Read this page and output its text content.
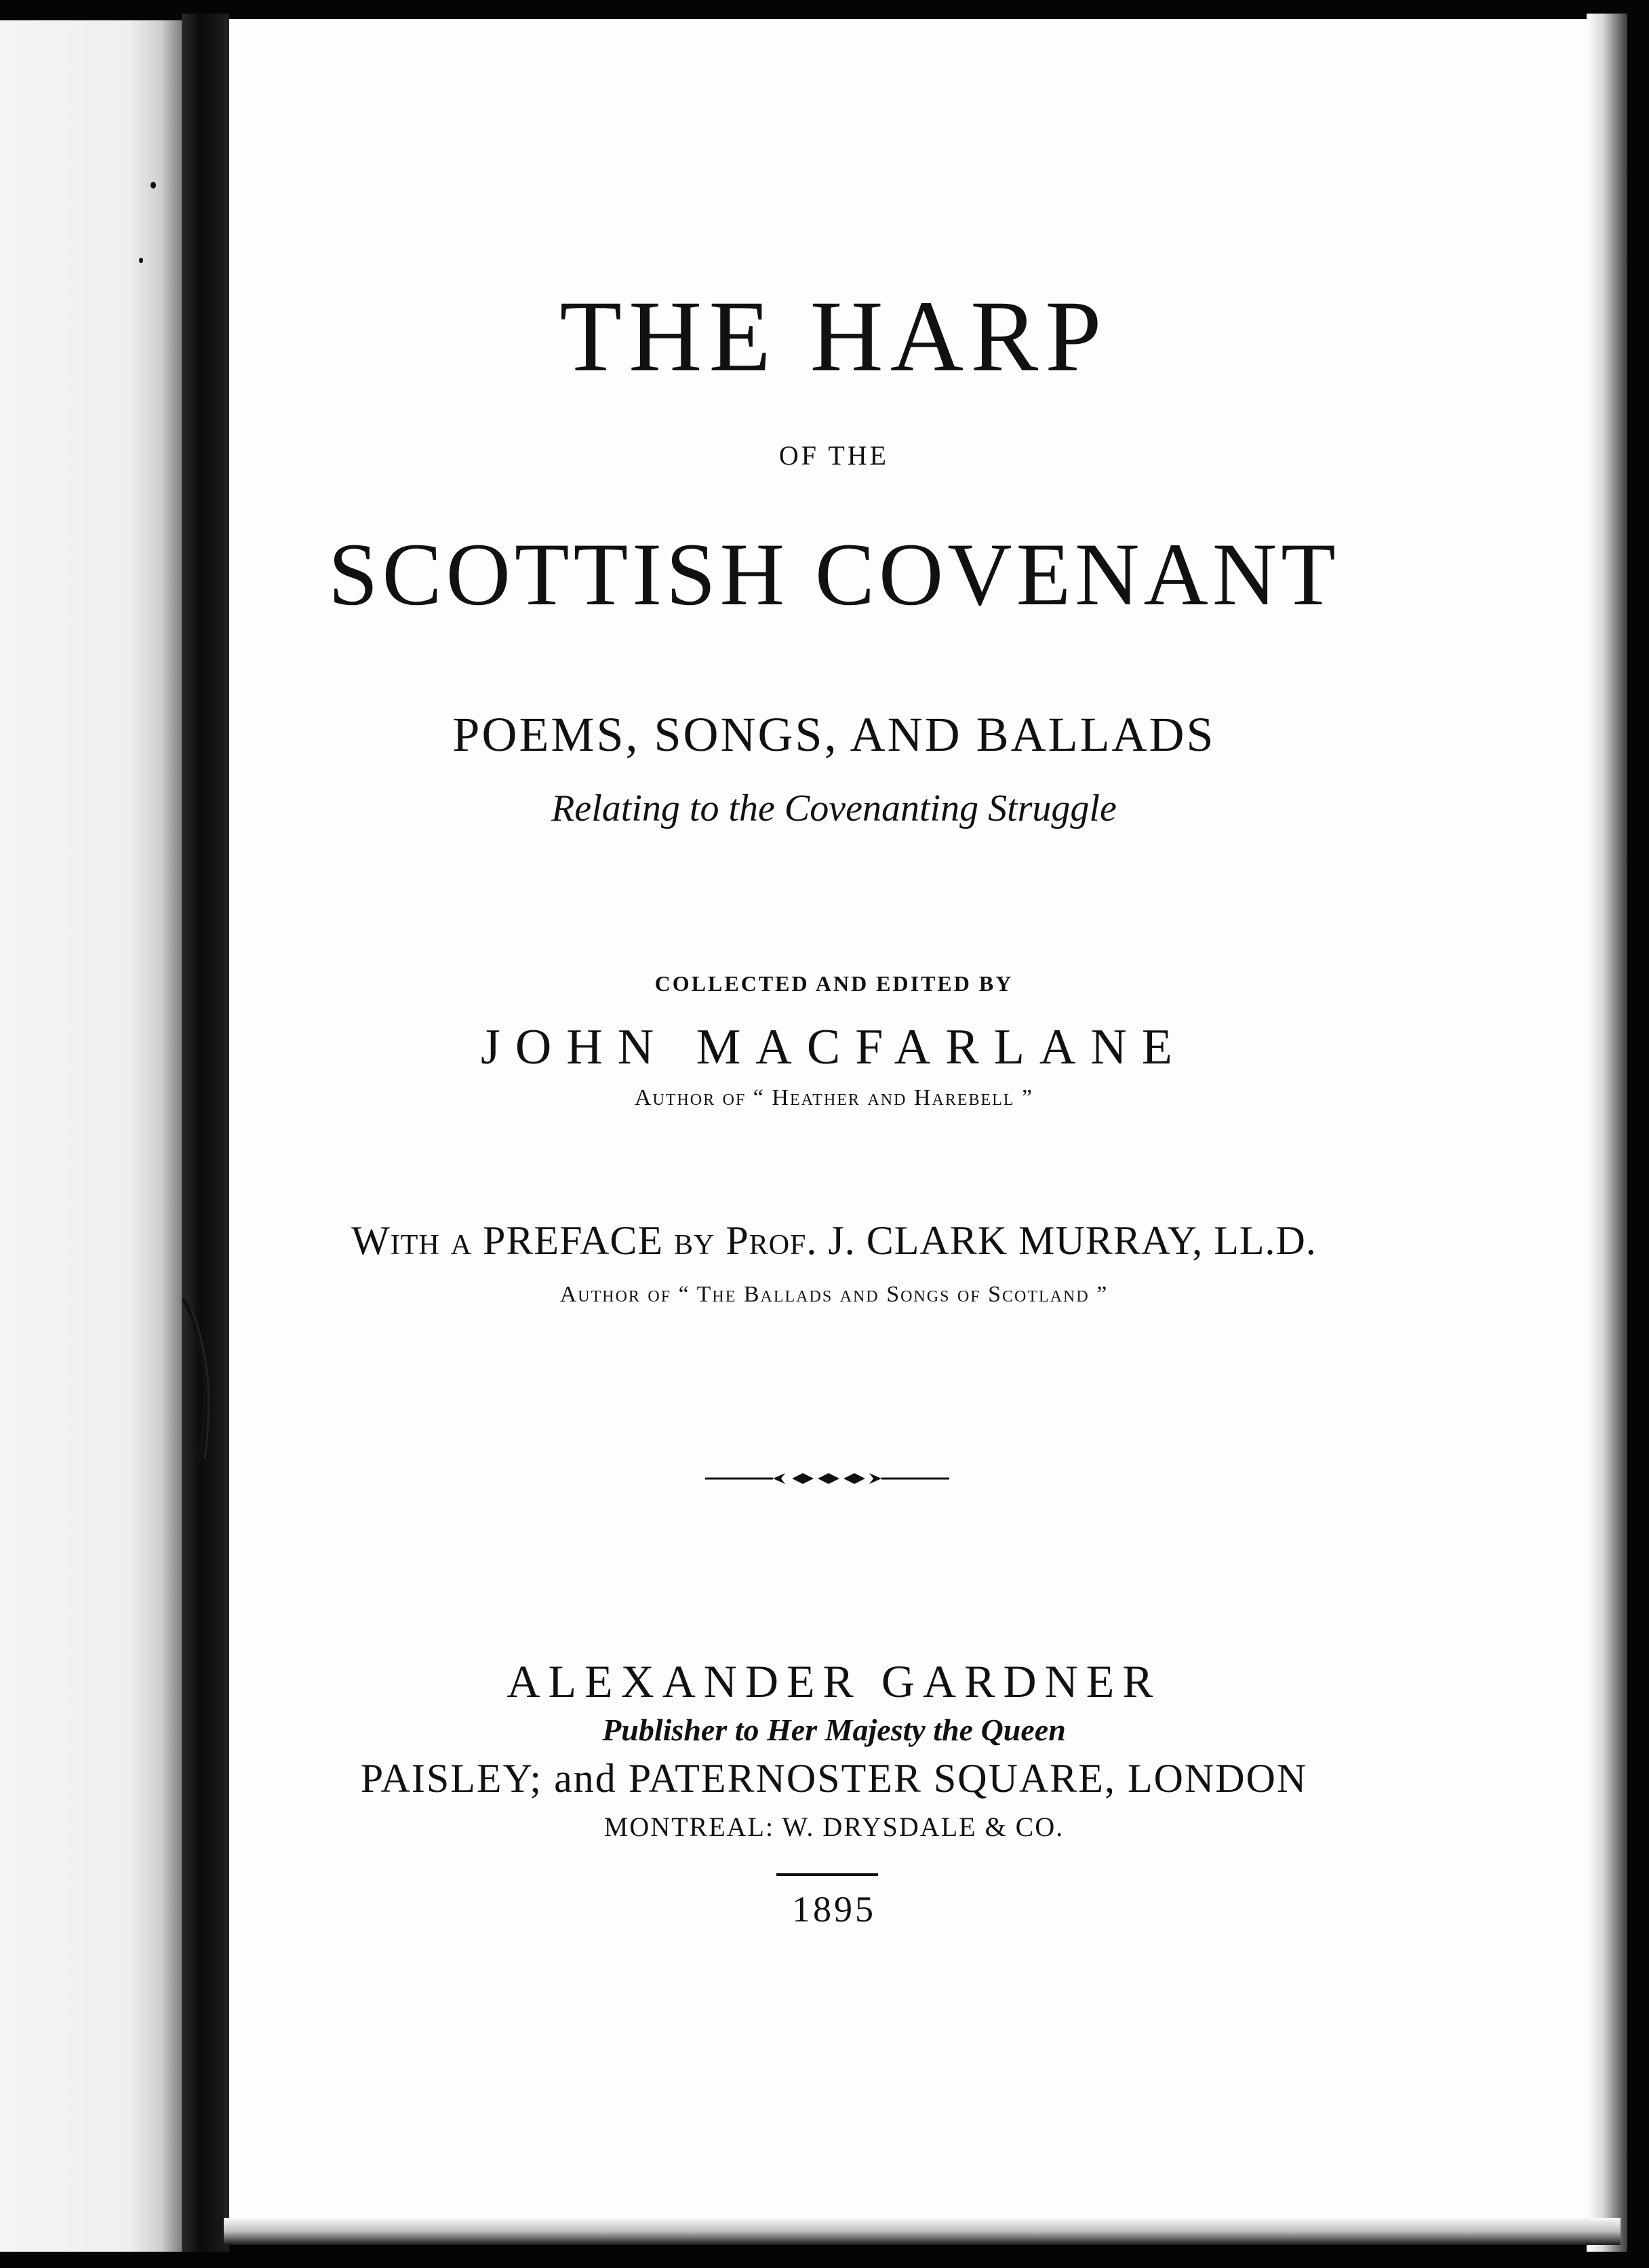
THE HARP
OF THE
SCOTTISH COVENANT
POEMS, SONGS, AND BALLADS
Relating to the Covenanting Struggle
COLLECTED AND EDITED BY
JOHN MACFARLANE
Author of “ Heather and Harebell ”
With a PREFACE by Prof. J. CLARK MURRAY, LL.D.
Author of “ The Ballads and Songs of Scotland ”
ALEXANDER GARDNER
Publisher to Her Majesty the Queen
PAISLEY; and PATERNOSTER SQUARE, LONDON
MONTREAL: W. DRYSDALE & CO.
1895
